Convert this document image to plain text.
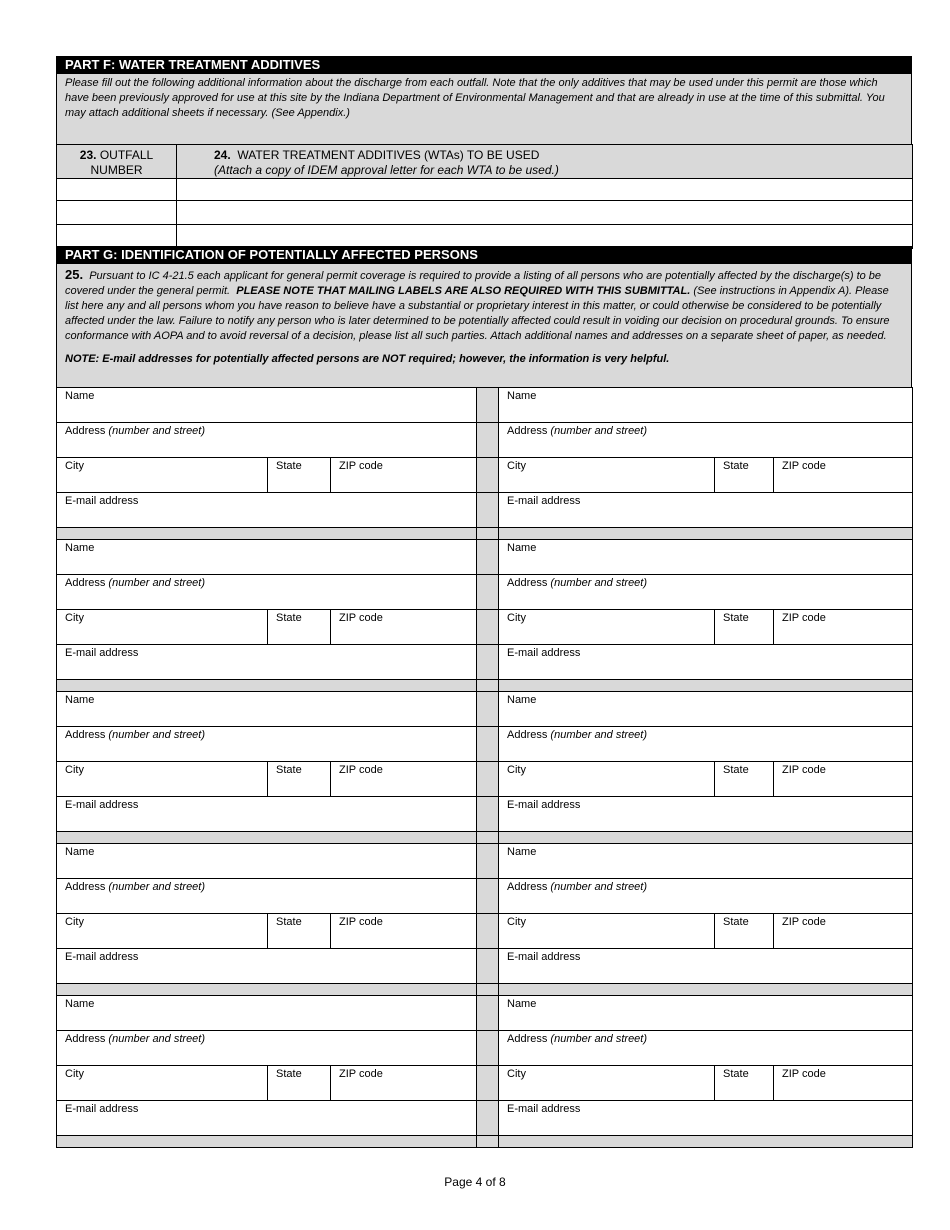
PART F: WATER TREATMENT ADDITIVES
Please fill out the following additional information about the discharge from each outfall. Note that the only additives that may be used under this permit are those which have been previously approved for use at this site by the Indiana Department of Environmental Management and that are already in use at the time of this submittal. You may attach additional sheets if necessary. (See Appendix.)
23. OUTFALL
NUMBER	24. WATER TREATMENT ADDITIVES (WTAs) TO BE USED
(Attach a copy of IDEM approval letter for each WTA to be used.)

PART G: IDENTIFICATION OF POTENTIALLY AFFECTED PERSONS
25. Pursuant to IC 4-21.5 each applicant for general permit coverage is required to provide a listing of all persons who are potentially affected by the discharge(s) to be covered under the general permit. PLEASE NOTE THAT MAILING LABELS ARE ALSO REQUIRED WITH THIS SUBMITTAL. (See instructions in Appendix A). Please list here any and all persons whom you have reason to believe have a substantial or proprietary interest in this matter, or could otherwise be considered to be potentially affected under the law. Failure to notify any person who is later determined to be potentially affected could result in voiding our decision on procedural grounds. To ensure conformance with AOPA and to avoid reversal of a decision, please list all such parties. Attach additional names and addresses on a separate sheet of paper, as needed.
NOTE: E-mail addresses for potentially affected persons are NOT required; however, the information is very helpful.
Name				Name		

Address (number and street)				Address (number and street)		

City	State	ZIP code		City	State	ZIP code

E-mail address				E-mail address		

Name				Name		

Address (number and street)				Address (number and street)		

City	State	ZIP code		City	State	ZIP code

E-mail address				E-mail address		

Name				Name		

Address (number and street)				Address (number and street)		

City	State	ZIP code		City	State	ZIP code

E-mail address				E-mail address		

Name				Name		

Address (number and street)				Address (number and street)		

City	State	ZIP code		City	State	ZIP code

E-mail address				E-mail address		

Name				Name		

Address (number and street)				Address (number and street)		

City	State	ZIP code		City	State	ZIP code

E-mail address				E-mail address		

Page 4 of 8
